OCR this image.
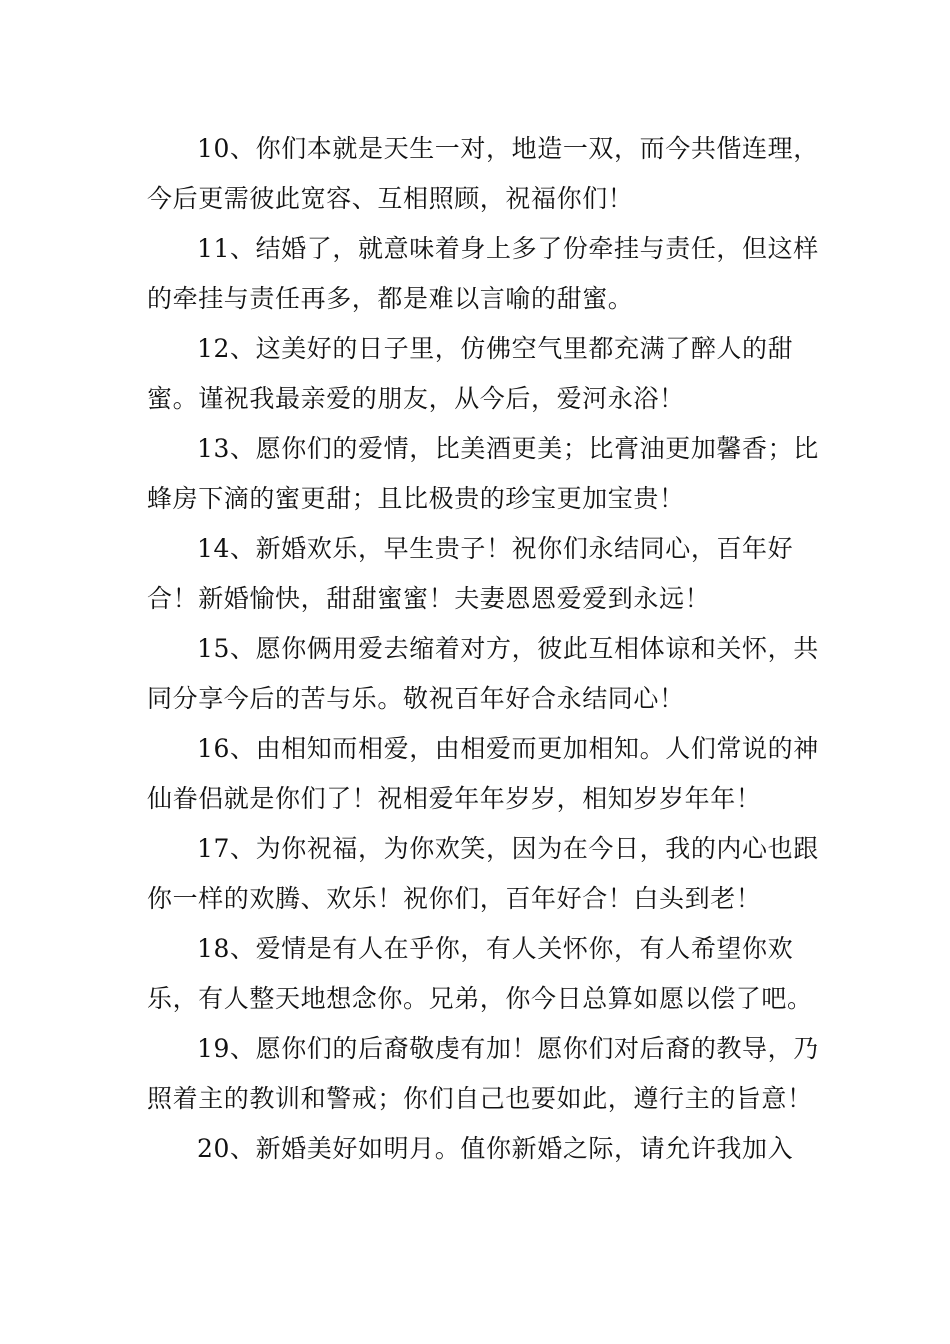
10、你们本就是天生一对，地造一双，而今共偕连理，今后更需彼此宽容、互相照顾，祝福你们！

11、结婚了，就意味着身上多了份牵挂与责任，但这样的牵挂与责任再多，都是难以言喻的甜蜜。

12、这美好的日子里，仿佛空气里都充满了醉人的甜蜜。谨祝我最亲爱的朋友，从今后，爱河永浴！

13、愿你们的爱情，比美酒更美；比膏油更加馨香；比蜂房下滴的蜜更甜；且比极贵的珍宝更加宝贵！

14、新婚欢乐，早生贵子！祝你们永结同心，百年好合！新婚愉快，甜甜蜜蜜！夫妻恩恩爱爱到永远！

15、愿你俩用爱去缩着对方，彼此互相体谅和关怀，共同分享今后的苦与乐。敬祝百年好合永结同心！

16、由相知而相爱，由相爱而更加相知。人们常说的神仙眷侣就是你们了！祝相爱年年岁岁，相知岁岁年年！

17、为你祝福，为你欢笑，因为在今日，我的内心也跟你一样的欢腾、欢乐！祝你们，百年好合！白头到老！

18、爱情是有人在乎你，有人关怀你，有人希望你欢乐，有人整天地想念你。兄弟，你今日总算如愿以偿了吧。

19、愿你们的后裔敬虔有加！愿你们对后裔的教导，乃照着主的教训和警戒；你们自己也要如此，遵行主的旨意！

20、新婚美好如明月。值你新婚之际，请允许我加入
